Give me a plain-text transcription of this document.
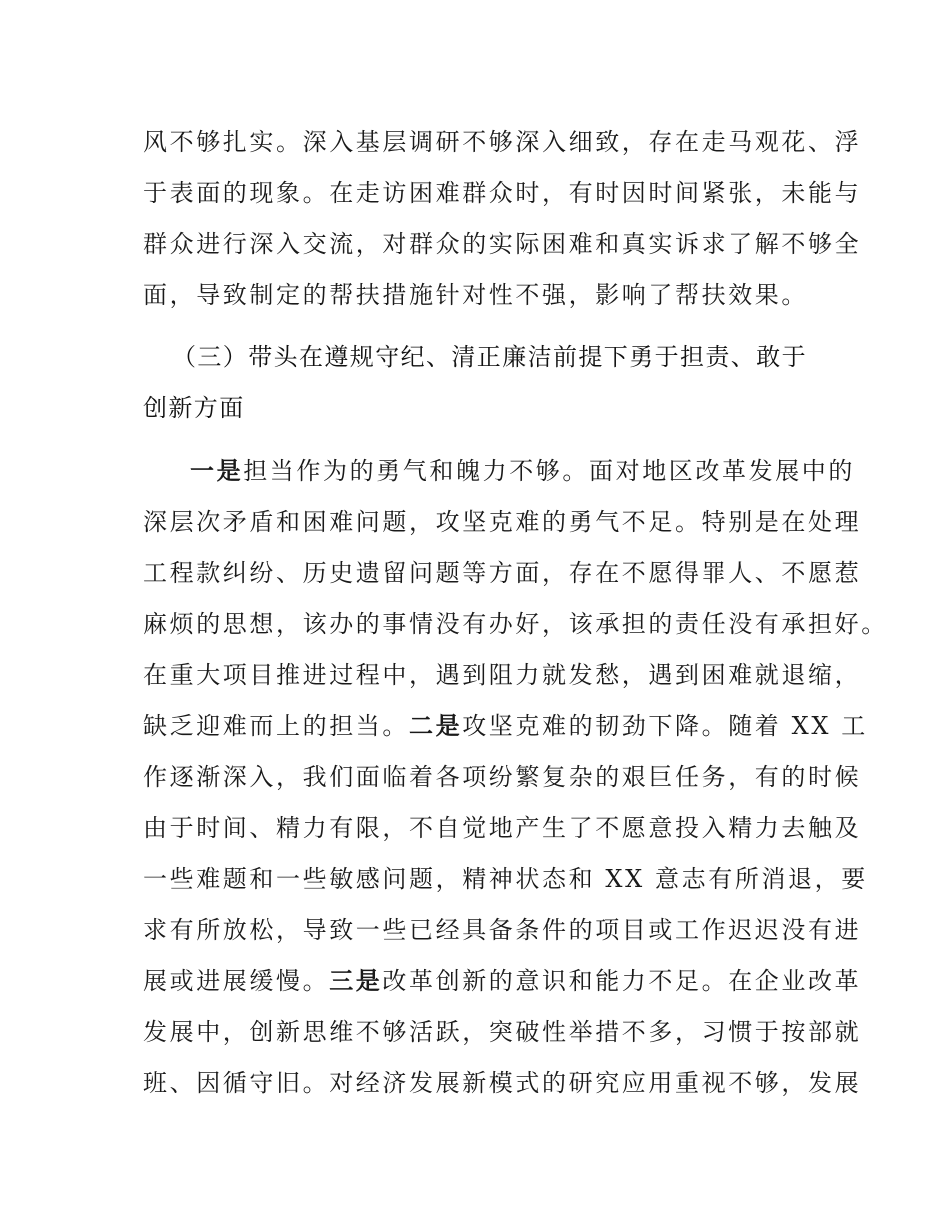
风不够扎实。深入基层调研不够深入细致，存在走马观花、浮
于表面的现象。在走访困难群众时，有时因时间紧张，未能与
群众进行深入交流，对群众的实际困难和真实诉求了解不够全
面，导致制定的帮扶措施针对性不强，影响了帮扶效果。
（三）带头在遵规守纪、清正廉洁前提下勇于担责、敢于
创新方面
一是担当作为的勇气和魄力不够。面对地区改革发展中的
深层次矛盾和困难问题，攻坚克难的勇气不足。特别是在处理
工程款纠纷、历史遗留问题等方面，存在不愿得罪人、不愿惹
麻烦的思想，该办的事情没有办好，该承担的责任没有承担好。
在重大项目推进过程中，遇到阻力就发愁，遇到困难就退缩，
缺乏迎难而上的担当。二是攻坚克难的韧劲下降。随着 XX 工
作逐渐深入，我们面临着各项纷繁复杂的艰巨任务，有的时候
由于时间、精力有限，不自觉地产生了不愿意投入精力去触及
一些难题和一些敏感问题，精神状态和 XX 意志有所消退，要
求有所放松，导致一些已经具备条件的项目或工作迟迟没有进
展或进展缓慢。三是改革创新的意识和能力不足。在企业改革
发展中，创新思维不够活跃，突破性举措不多，习惯于按部就
班、因循守旧。对经济发展新模式的研究应用重视不够，发展
